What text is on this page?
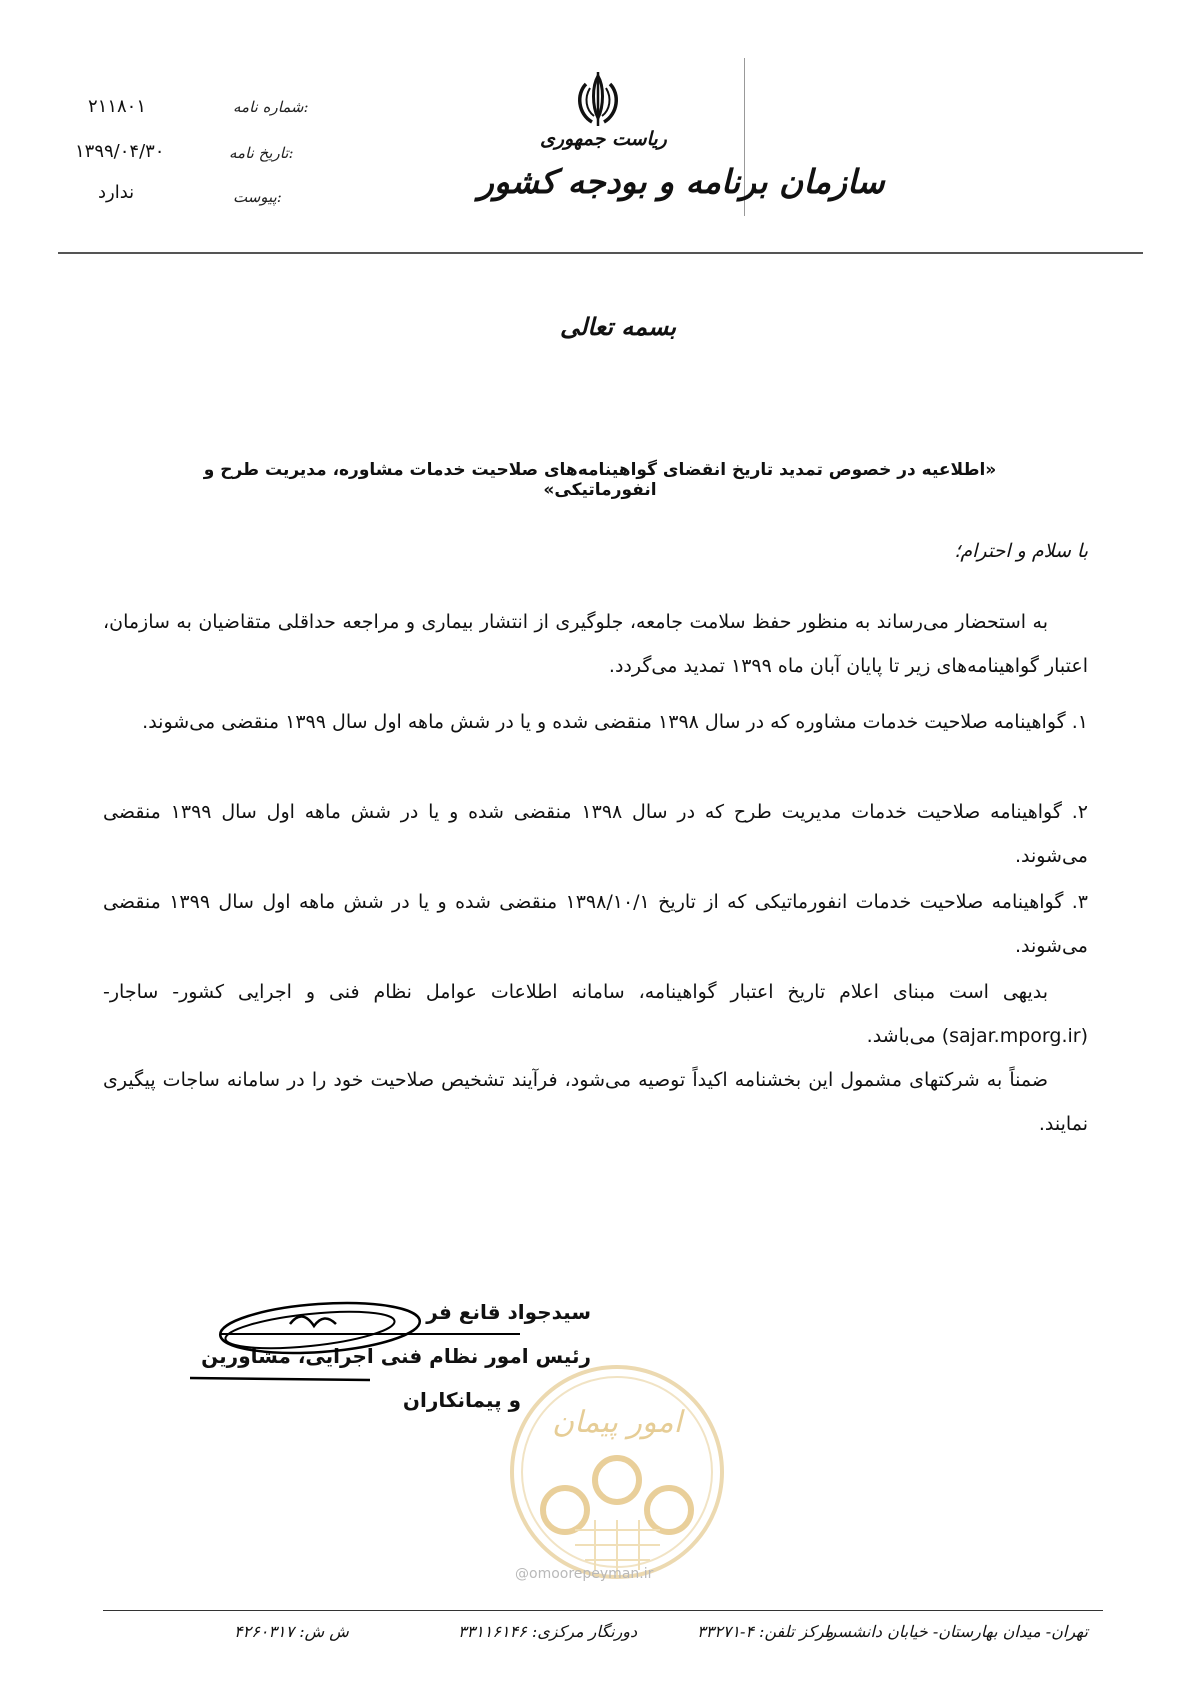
شماره نامه:
۲۱۱۸۰۱
تاریخ نامه:
۱۳۹۹/۰۴/۳۰
پیوست:
ندارد
ریاست جمهوری
سازمان برنامه و بودجه کشور
بسمه تعالی
«اطلاعیه در خصوص تمدید تاریخ انقضای گواهینامه‌های صلاحیت خدمات مشاوره، مدیریت طرح و انفورماتیکی»
با سلام و احترام؛
به استحضار می‌رساند به منظور حفظ سلامت جامعه، جلوگیری از انتشار بیماری و مراجعه حداقلی متقاضیان به سازمان، اعتبار گواهینامه‌های زیر تا پایان آبان ماه ۱۳۹۹ تمدید می‌گردد.
۱. گواهینامه صلاحیت خدمات مشاوره که در سال ۱۳۹۸ منقضی شده و یا در شش ماهه اول سال ۱۳۹۹ منقضی می‌شوند.
۲. گواهینامه صلاحیت خدمات مدیریت طرح که در سال ۱۳۹۸ منقضی شده و یا در شش ماهه اول سال ۱۳۹۹ منقضی می‌شوند.
۳. گواهینامه صلاحیت خدمات انفورماتیکی که از تاریخ ۱۳۹۸/۱۰/۱ منقضی شده و یا در شش ماهه اول سال ۱۳۹۹ منقضی می‌شوند.
بدیهی است مبنای اعلام تاریخ اعتبار گواهینامه، سامانه اطلاعات عوامل نظام فنی و اجرایی کشور- ساجار- (sajar.mporg.ir) می‌باشد.
ضمناً به شرکتهای مشمول این بخشنامه اکیداً توصیه می‌شود، فرآیند تشخیص صلاحیت خود را در سامانه ساجات پیگیری نمایند.
سیدجواد قانع فر
رئیس امور نظام فنی اجرایی، مشاورین
و پیمانکاران
امور پیمان
@omoorepeyman.ir
تهران- میدان بهارستان- خیابان دانشسرا
مرکز تلفن: ۴-۳۳۲۷۱
دورنگار مرکزی: ۳۳۱۱۶۱۴۶
ش ش: ۴۲۶۰۳۱۷
